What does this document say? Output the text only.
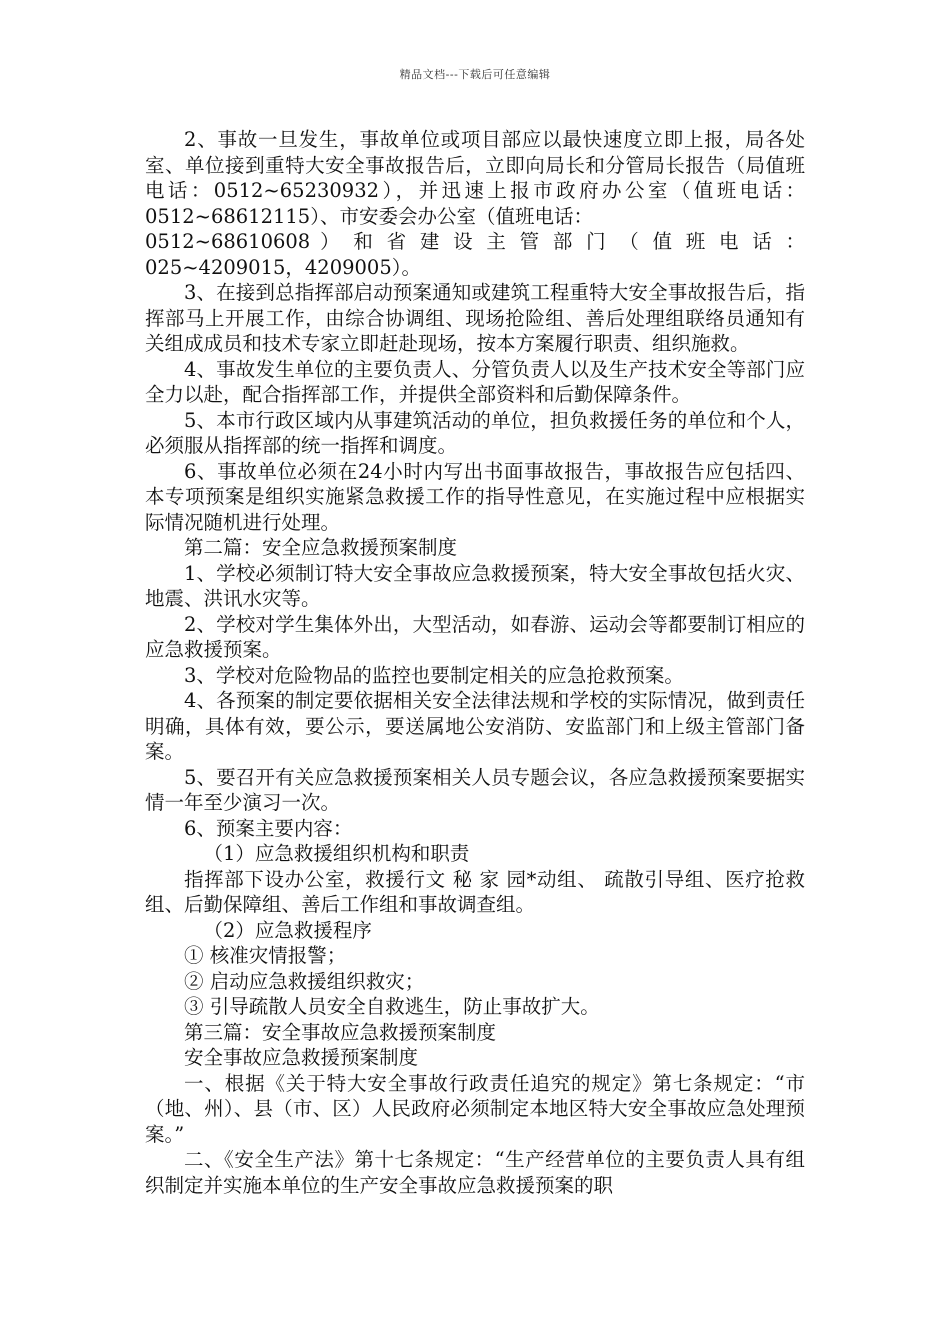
精品文档---下载后可任意编辑

2、事故一旦发生，事故单位或项目部应以最快速度立即上报，局各处室、单位接到重特大安全事故报告后，立即向局长和分管局长报告（局值班电话：0512~65230932），并迅速上报市政府办公室（值班电话：0512~68612115）、市安委会办公室（值班电话：

0512~68610608 ） 和 省 建 设 主 管 部 门 （ 值 班 电 话 ：

025~4209015，4209005）。

3、在接到总指挥部启动预案通知或建筑工程重特大安全事故报告后，指挥部马上开展工作，由综合协调组、现场抢险组、善后处理组联络员通知有关组成成员和技术专家立即赶赴现场，按本方案履行职责、组织施救。

4、事故发生单位的主要负责人、分管负责人以及生产技术安全等部门应全力以赴，配合指挥部工作，并提供全部资料和后勤保障条件。

5、本市行政区域内从事建筑活动的单位，担负救援任务的单位和个人，必须服从指挥部的统一指挥和调度。

6、事故单位必须在24小时内写出书面事故报告，事故报告应包括四、本专项预案是组织实施紧急救援工作的指导性意见，在实施过程中应根据实际情况随机进行处理。

第二篇：安全应急救援预案制度

1、学校必须制订特大安全事故应急救援预案，特大安全事故包括火灾、地震、洪讯水灾等。

2、学校对学生集体外出，大型活动，如春游、运动会等都要制订相应的应急救援预案。

3、学校对危险物品的监控也要制定相关的应急抢救预案。

4、各预案的制定要依据相关安全法律法规和学校的实际情况，做到责任明确，具体有效，要公示，要送属地公安消防、安监部门和上级主管部门备案。

5、要召开有关应急救援预案相关人员专题会议，各应急救援预案要据实情一年至少演习一次。

6、预案主要内容：

（1）应急救援组织机构和职责

指挥部下设办公室，救援行文 秘 家 园*动组、 疏散引导组、医疗抢救组、后勤保障组、善后工作组和事故调查组。

（2）应急救援程序

① 核准灾情报警；

② 启动应急救援组织救灾；

③ 引导疏散人员安全自救逃生，防止事故扩大。

第三篇：安全事故应急救援预案制度

安全事故应急救援预案制度

一、根据《关于特大安全事故行政责任追究的规定》第七条规定：“市（地、州）、县（市、区）人民政府必须制定本地区特大安全事故应急处理预案。”

二、《安全生产法》第十七条规定：“生产经营单位的主要负责人具有组织制定并实施本单位的生产安全事故应急救援预案的职
